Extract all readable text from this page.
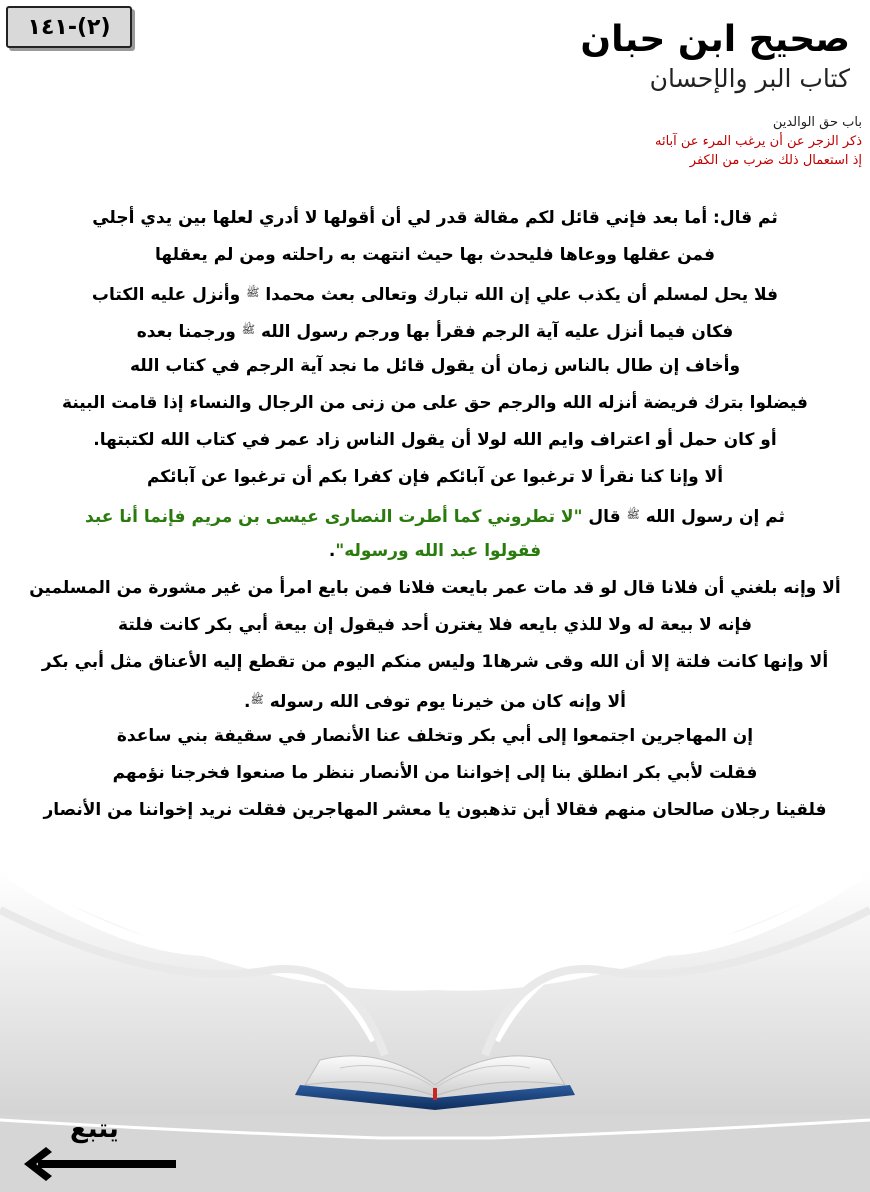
(٢)-١٤١	صحيح ابن حبان
كتاب البر والإحسان
باب حق الوالدين
ذكر الزجر عن أن يرغب المرء عن آبائه
إذ استعمال ذلك ضرب من الكفر
ثم قال: أما بعد فإني قائل لكم مقالة قدر لي أن أقولها لا أدري لعلها بين يدي أجلي
فمن عقلها ووعاها فليحدث بها حيث انتهت به راحلته ومن لم يعقلها
فلا يحل لمسلم أن يكذب علي إن الله تبارك وتعالى بعث محمدا $^ﷺ$ وأنزل عليه الكتاب
فكان فيما أنزل عليه آية الرجم فقرأ بها ورجم رسول الله $^ﷺ$ ورجمنا بعده
وأخاف إن طال بالناس زمان أن يقول قائل ما نجد آية الرجم في كتاب الله
فيضلوا بترك فريضة أنزله الله والرجم حق على من زنى من الرجال والنساء إذا قامت البينة
أو كان حمل أو اعتراف وايم الله لولا أن يقول الناس زاد عمر في كتاب الله لكتبتها.
ألا وإنا كنا نقرأ لا ترغبوا عن آبائكم فإن كفرا بكم أن ترغبوا عن آبائكم
ثم إن رسول الله $^ﷺ$ قال "لا تطروني كما أطرت النصارى عيسى بن مريم فإنما أنا عبد
فقولوا عبد الله ورسوله".
ألا وإنه بلغني أن فلانا قال لو قد مات عمر بايعت فلانا فمن بايع امرأ من غير مشورة من المسلمين
فإنه لا بيعة له ولا للذي بايعه فلا يغترن أحد فيقول إن بيعة أبي بكر كانت فلتة
ألا وإنها كانت فلتة إلا أن الله وقى شرها1 وليس منكم اليوم من تقطع إليه الأعناق مثل أبي بكر
ألا وإنه كان من خيرنا يوم توفى الله رسوله $^ﷺ$.
إن المهاجرين اجتمعوا إلى أبي بكر وتخلف عنا الأنصار في سقيفة بني ساعدة
فقلت لأبي بكر انطلق بنا إلى إخواننا من الأنصار ننظر ما صنعوا فخرجنا نؤمهم
فلقينا رجلان صالحان منهم فقالا أين تذهبون يا معشر المهاجرين فقلت نريد إخواننا من الأنصار
يتبع
